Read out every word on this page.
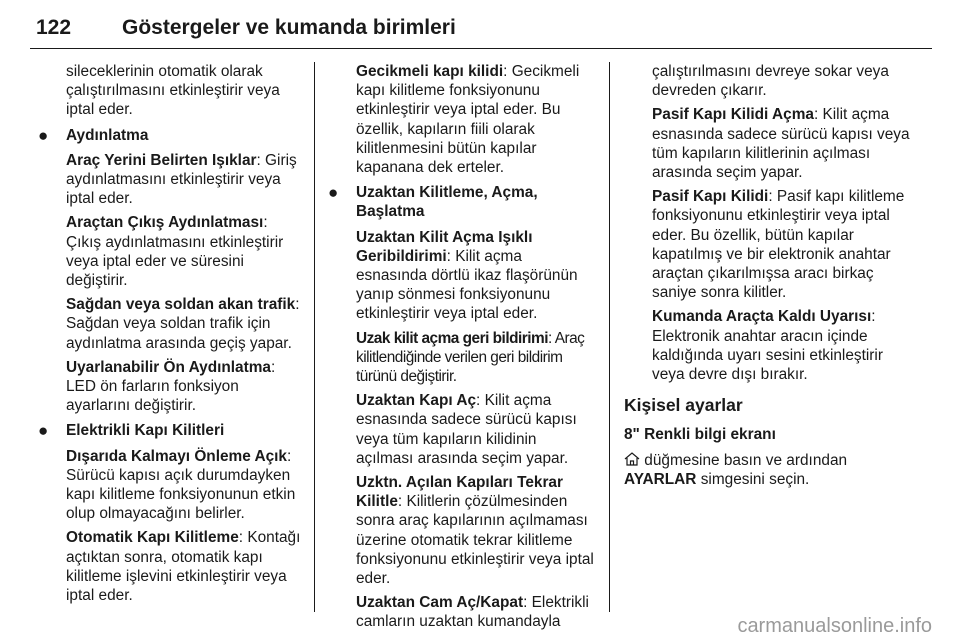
122 Göstergeler ve kumanda birimleri

sileceklerinin otomatik olarak çalıştırılmasını etkinleştirir veya iptal eder.

● Aydınlatma

Araç Yerini Belirten Işıklar: Giriş aydınlatmasını etkinleştirir veya iptal eder.

Araçtan Çıkış Aydınlatması: Çıkış aydınlatmasını etkinleştirir veya iptal eder ve süresini değiştirir.

Sağdan veya soldan akan trafik: Sağdan veya soldan trafik için aydınlatma arasında geçiş yapar.

Uyarlanabilir Ön Aydınlatma: LED ön farların fonksiyon ayarlarını değiştirir.

● Elektrikli Kapı Kilitleri

Dışarıda Kalmayı Önleme Açık: Sürücü kapısı açık durumdayken kapı kilitleme fonksiyonunun etkin olup olmayacağını belirler.

Otomatik Kapı Kilitleme: Kontağı açtıktan sonra, otomatik kapı kilitleme işlevini etkinleştirir veya iptal eder.

Gecikmeli kapı kilidi: Gecikmeli kapı kilitleme fonksiyonunu etkinleştirir veya iptal eder. Bu özellik, kapıların fiili olarak kilitlenmesini bütün kapılar kapanana dek erteler.

● Uzaktan Kilitleme, Açma, Başlatma

Uzaktan Kilit Açma Işıklı Geribildirimi: Kilit açma esnasında dörtlü ikaz flaşörünün yanıp sönmesi fonksiyonunu etkinleştirir veya iptal eder.

Uzak kilit açma geri bildirimi: Araç kilitlendiğinde verilen geri bildirim türünü değiştirir.

Uzaktan Kapı Aç: Kilit açma esnasında sadece sürücü kapısı veya tüm kapıların kilidinin açılması arasında seçim yapar.

Uzktn. Açılan Kapıları Tekrar Kilitle: Kilitlerin çözülmesinden sonra araç kapılarının açılmaması üzerine otomatik tekrar kilitleme fonksiyonunu etkinleştirir veya iptal eder.

Uzaktan Cam Aç/Kapat: Elektrikli camların uzaktan kumandayla

çalıştırılmasını devreye sokar veya devreden çıkarır.

Pasif Kapı Kilidi Açma: Kilit açma esnasında sadece sürücü kapısı veya tüm kapıların kilitlerinin açılması arasında seçim yapar.

Pasif Kapı Kilidi: Pasif kapı kilitleme fonksiyonunu etkinleştirir veya iptal eder. Bu özellik, bütün kapılar kapatılmış ve bir elektronik anahtar araçtan çıkarılmışsa aracı birkaç saniye sonra kilitler.

Kumanda Araçta Kaldı Uyarısı: Elektronik anahtar aracın içinde kaldığında uyarı sesini etkinleştirir veya devre dışı bırakır.

Kişisel ayarlar
8" Renkli bilgi ekranı

düğmesine basın ve ardından
AYARLAR simgesini seçin.

carmanualsonline.info
